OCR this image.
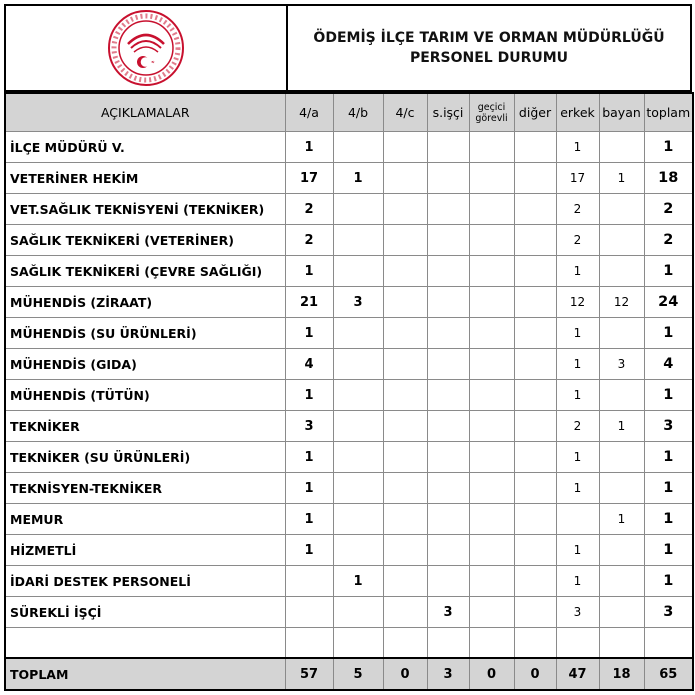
ÖDEMİŞ İLÇE TARIM VE ORMAN MÜDÜRLÜĞÜ
PERSONEL DURUMU
AÇIKLAMALAR	4/a	4/b	4/c	s.işçi	geçici görevli	diğer	erkek	bayan	toplam
İLÇE MÜDÜRÜ V.	1						1		1
VETERİNER HEKİM	17	1					17	1	18
VET.SAĞLIK TEKNİSYENİ (TEKNİKER)	2						2		2
SAĞLIK TEKNİKERİ (VETERİNER)	2						2		2
SAĞLIK TEKNİKERİ (ÇEVRE SAĞLIĞI)	1						1		1
MÜHENDİS (ZİRAAT)	21	3					12	12	24
MÜHENDİS (SU ÜRÜNLERİ)	1						1		1
MÜHENDİS (GIDA)	4						1	3	4
MÜHENDİS (TÜTÜN)	1						1		1
TEKNİKER	3						2	1	3
TEKNİKER (SU ÜRÜNLERİ)	1						1		1
TEKNİSYEN-TEKNİKER	1						1		1
MEMUR	1							1	1
HİZMETLİ	1						1		1
İDARİ DESTEK PERSONELİ		1					1		1
SÜREKLİ İŞÇİ				3			3		3

TOPLAM	57	5	0	3	0	0	47	18	65
